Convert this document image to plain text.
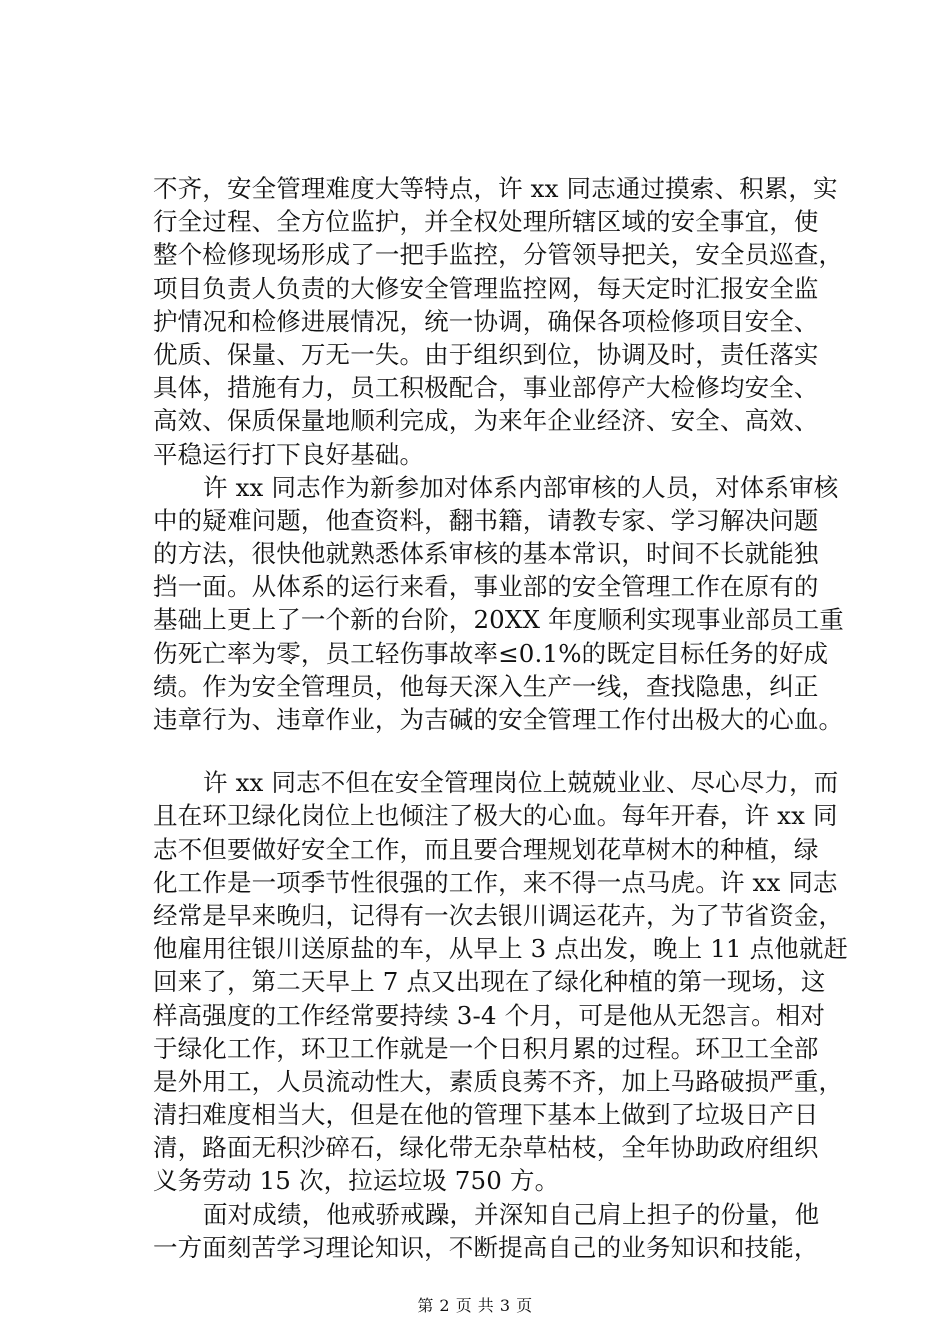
不齐，安全管理难度大等特点，许 xx 同志通过摸索、积累，实
行全过程、全方位监护，并全权处理所辖区域的安全事宜，使
整个检修现场形成了一把手监控，分管领导把关，安全员巡查，
项目负责人负责的大修安全管理监控网，每天定时汇报安全监
护情况和检修进展情况，统一协调，确保各项检修项目安全、
优质、保量、万无一失。由于组织到位，协调及时，责任落实
具体，措施有力，员工积极配合，事业部停产大检修均安全、
高效、保质保量地顺利完成，为来年企业经济、安全、高效、
平稳运行打下良好基础。
许 xx 同志作为新参加对体系内部审核的人员，对体系审核
中的疑难问题，他查资料，翻书籍，请教专家、学习解决问题
的方法，很快他就熟悉体系审核的基本常识，时间不长就能独
挡一面。从体系的运行来看，事业部的安全管理工作在原有的
基础上更上了一个新的台阶，20XX 年度顺利实现事业部员工重
伤死亡率为零，员工轻伤事故率≤0.1%的既定目标任务的好成
绩。作为安全管理员，他每天深入生产一线，查找隐患，纠正
违章行为、违章作业，为吉碱的安全管理工作付出极大的心血。
许 xx 同志不但在安全管理岗位上兢兢业业、尽心尽力，而
且在环卫绿化岗位上也倾注了极大的心血。每年开春，许 xx 同
志不但要做好安全工作，而且要合理规划花草树木的种植，绿
化工作是一项季节性很强的工作，来不得一点马虎。许 xx 同志
经常是早来晚归，记得有一次去银川调运花卉，为了节省资金，
他雇用往银川送原盐的车，从早上 3 点出发，晚上 11 点他就赶
回来了，第二天早上 7 点又出现在了绿化种植的第一现场，这
样高强度的工作经常要持续 3-4 个月，可是他从无怨言。相对
于绿化工作，环卫工作就是一个日积月累的过程。环卫工全部
是外用工，人员流动性大，素质良莠不齐，加上马路破损严重，
清扫难度相当大，但是在他的管理下基本上做到了垃圾日产日
清，路面无积沙碎石，绿化带无杂草枯枝，全年协助政府组织
义务劳动 15 次，拉运垃圾 750 方。
面对成绩，他戒骄戒躁，并深知自己肩上担子的份量，他
一方面刻苦学习理论知识，不断提高自己的业务知识和技能，
第 2 页 共 3 页
